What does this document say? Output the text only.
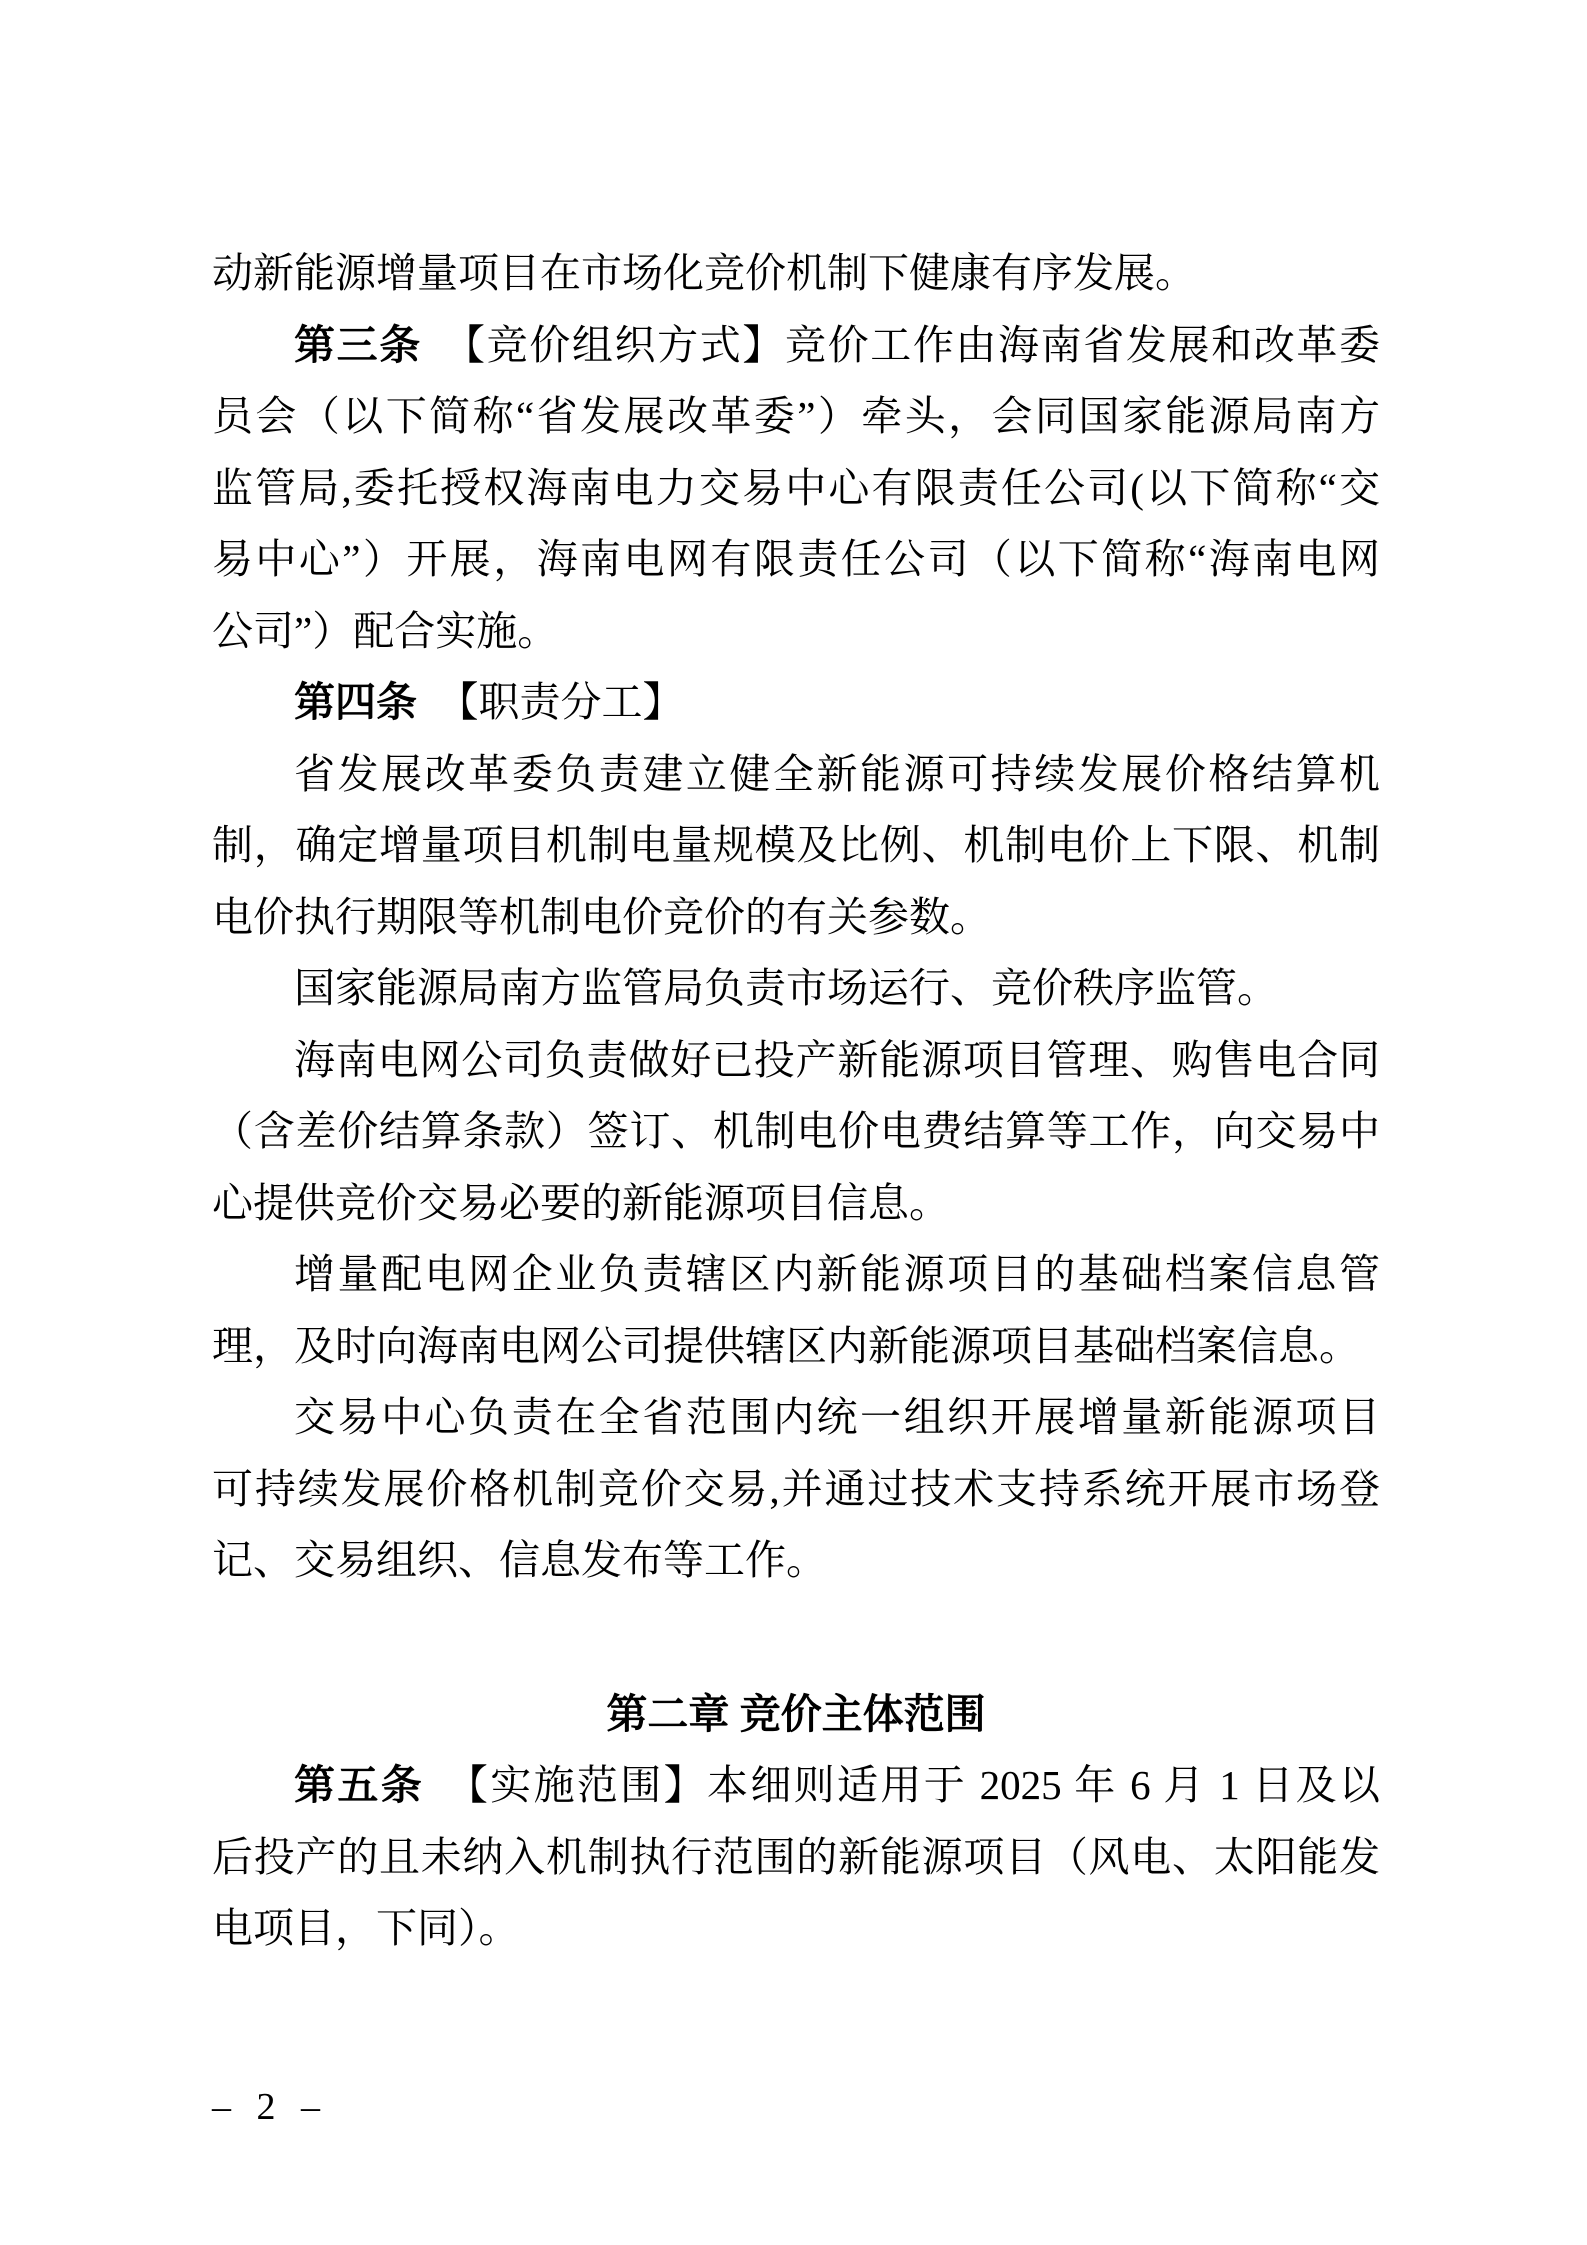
动新能源增量项目在市场化竞价机制下健康有序发展。
第三条　【竞价组织方式】竞价工作由海南省发展和改革委
员会（以下简称“省发展改革委”）牵头，会同国家能源局南方
监管局,委托授权海南电力交易中心有限责任公司(以下简称“交
易中心”）开展，海南电网有限责任公司（以下简称“海南电网
公司”）配合实施。
第四条　【职责分工】
省发展改革委负责建立健全新能源可持续发展价格结算机
制，确定增量项目机制电量规模及比例、机制电价上下限、机制
电价执行期限等机制电价竞价的有关参数。
国家能源局南方监管局负责市场运行、竞价秩序监管。
海南电网公司负责做好已投产新能源项目管理、购售电合同
（含差价结算条款）签订、机制电价电费结算等工作，向交易中
心提供竞价交易必要的新能源项目信息。
增量配电网企业负责辖区内新能源项目的基础档案信息管
理，及时向海南电网公司提供辖区内新能源项目基础档案信息。
交易中心负责在全省范围内统一组织开展增量新能源项目
可持续发展价格机制竞价交易,并通过技术支持系统开展市场登
记、交易组织、信息发布等工作。
第二章 竞价主体范围
第五条　【实施范围】本细则适用于 2025 年 6 月 1 日及以
后投产的且未纳入机制执行范围的新能源项目（风电、太阳能发
电项目，下同）。
– 2 –
